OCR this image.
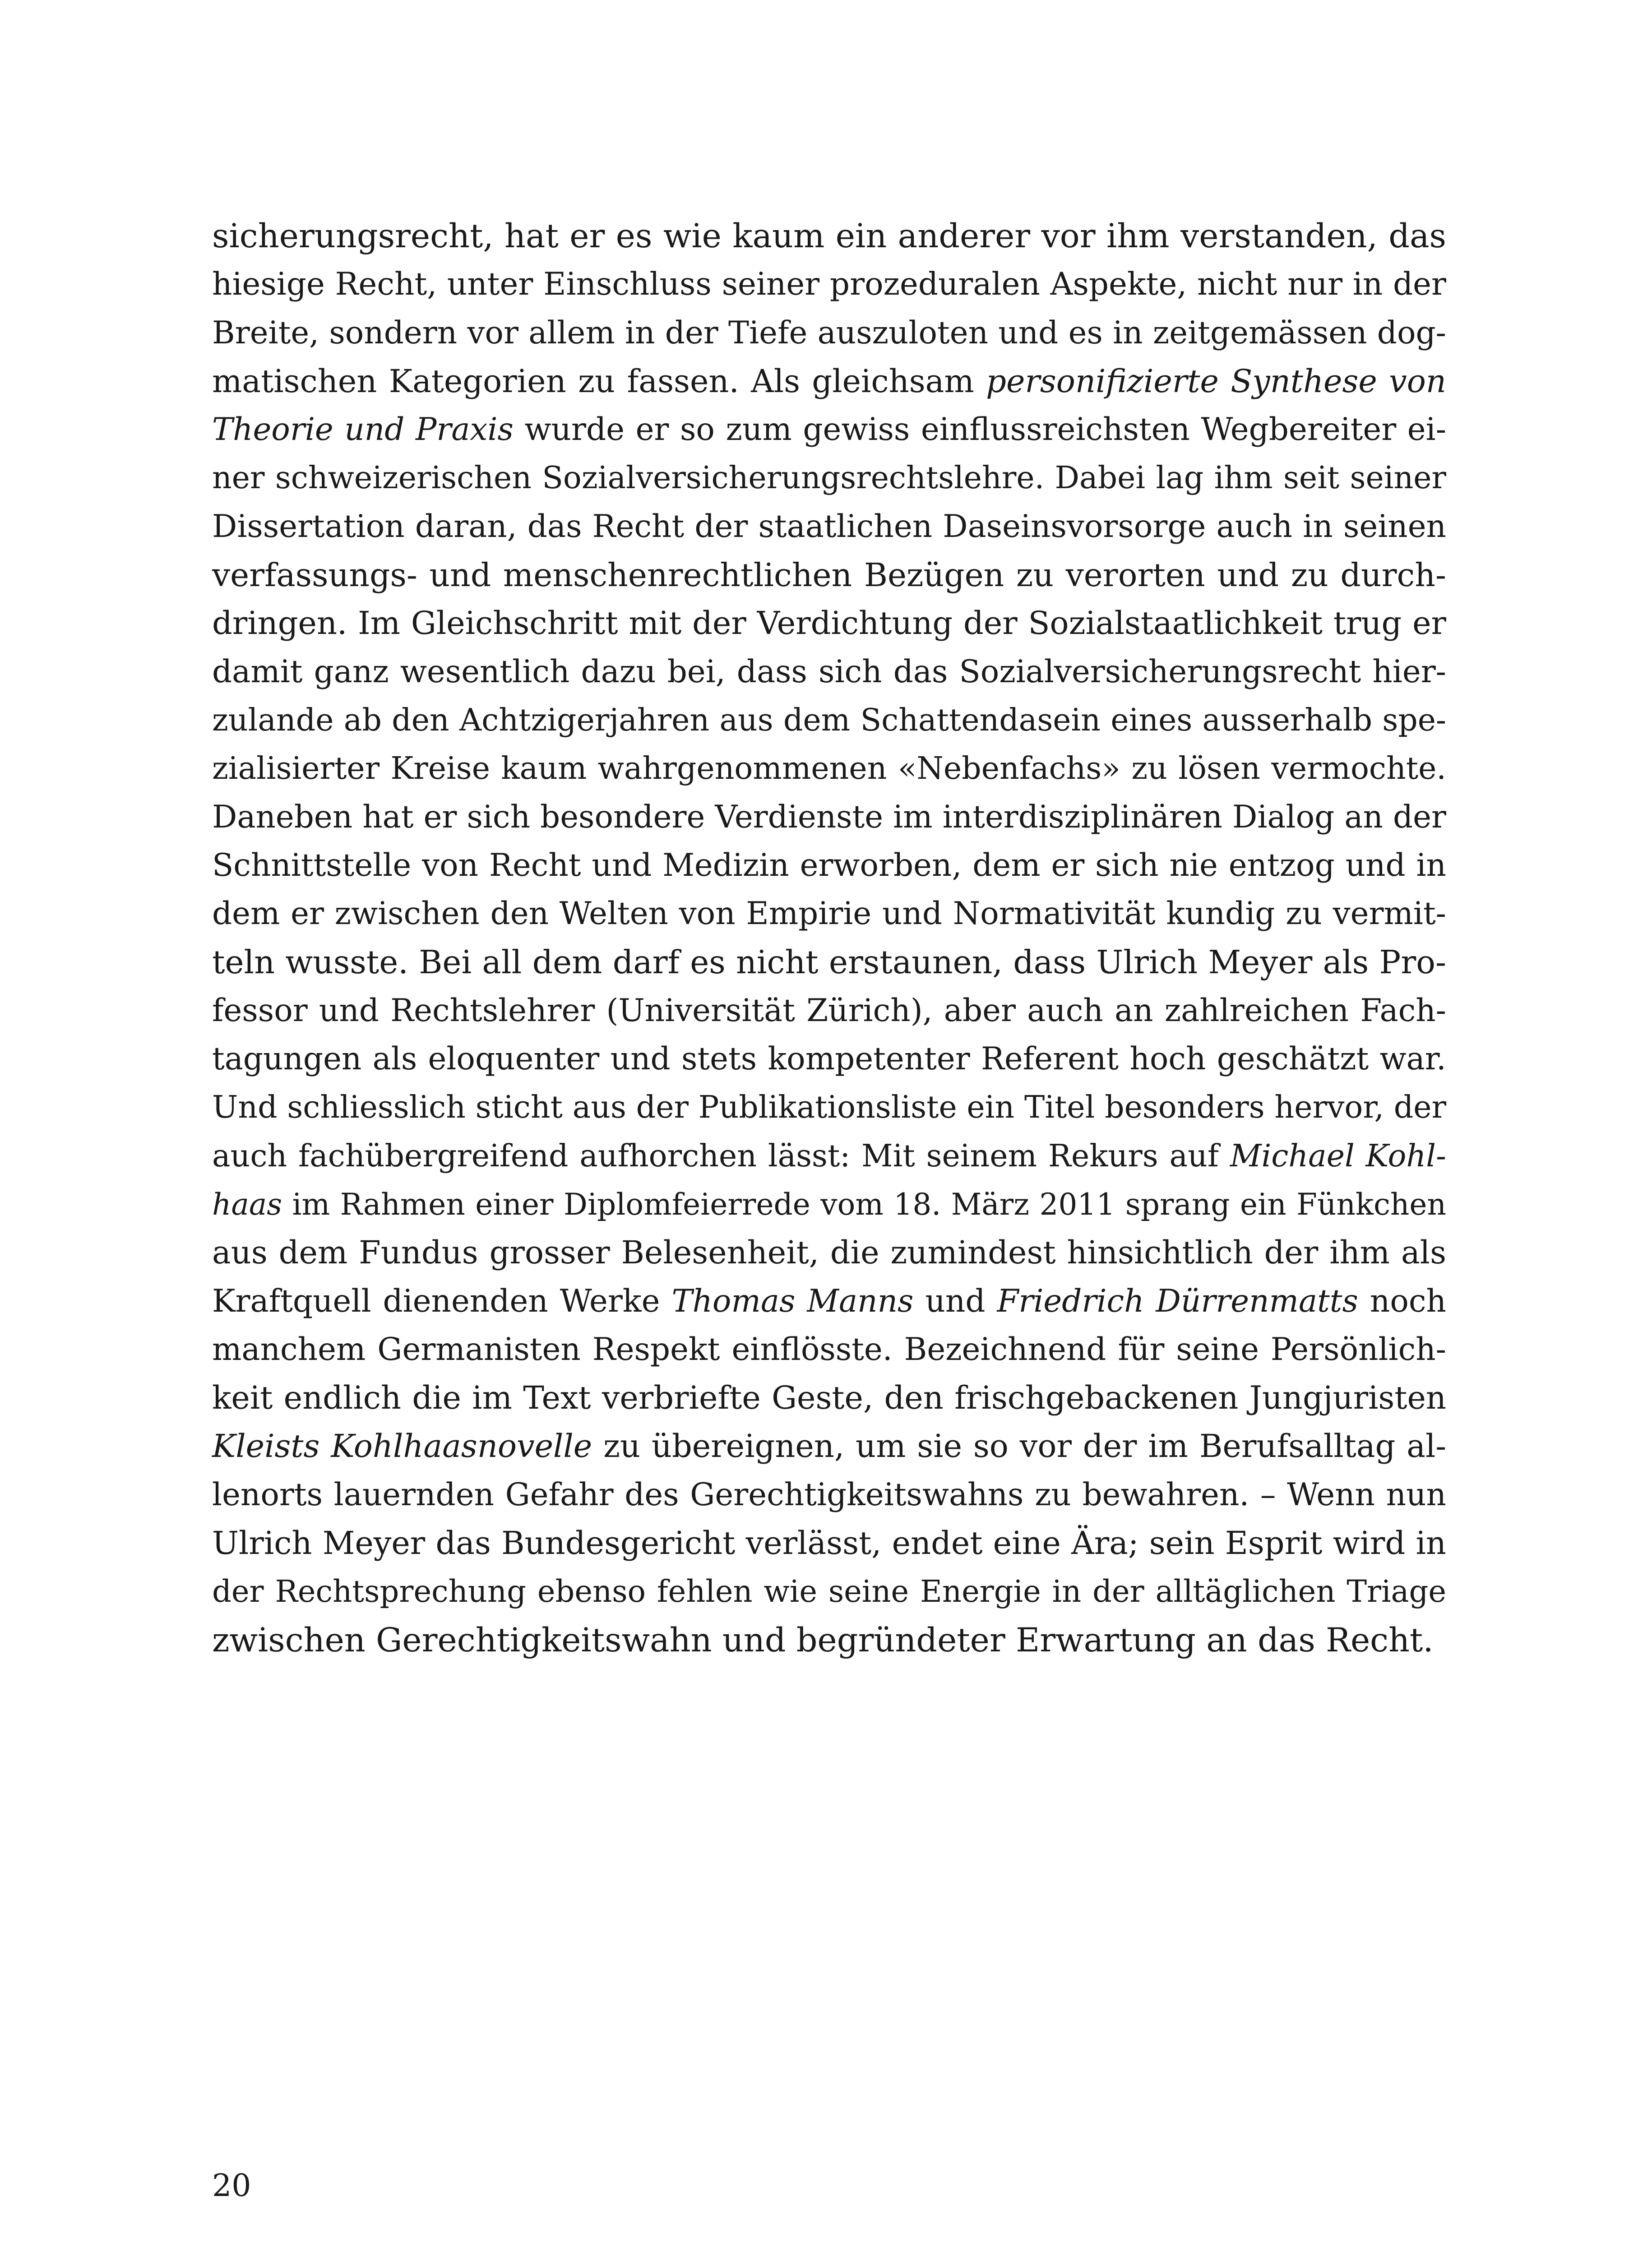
sicherungsrecht, hat er es wie kaum ein anderer vor ihm verstanden, das
hiesige Recht, unter Einschluss seiner prozeduralen Aspekte, nicht nur in der
Breite, sondern vor allem in der Tiefe auszuloten und es in zeitgemässen dog-
matischen Kategorien zu fassen. Als gleichsam personifizierte Synthese von
Theorie und Praxis wurde er so zum gewiss einflussreichsten Wegbereiter ei-
ner schweizerischen Sozialversicherungsrechtslehre. Dabei lag ihm seit seiner
Dissertation daran, das Recht der staatlichen Daseinsvorsorge auch in seinen
verfassungs- und menschenrechtlichen Bezügen zu verorten und zu durch-
dringen. Im Gleichschritt mit der Verdichtung der Sozialstaatlichkeit trug er
damit ganz wesentlich dazu bei, dass sich das Sozialversicherungsrecht hier-
zulande ab den Achtzigerjahren aus dem Schattendasein eines ausserhalb spe-
zialisierter Kreise kaum wahrgenommenen «Nebenfachs» zu lösen vermochte.
Daneben hat er sich besondere Verdienste im interdisziplinären Dialog an der
Schnittstelle von Recht und Medizin erworben, dem er sich nie entzog und in
dem er zwischen den Welten von Empirie und Normativität kundig zu vermit-
teln wusste. Bei all dem darf es nicht erstaunen, dass Ulrich Meyer als Pro-
fessor und Rechtslehrer (Universität Zürich), aber auch an zahlreichen Fach-
tagungen als eloquenter und stets kompetenter Referent hoch geschätzt war.
Und schliesslich sticht aus der Publikationsliste ein Titel besonders hervor, der
auch fachübergreifend aufhorchen lässt: Mit seinem Rekurs auf Michael Kohl-
haas im Rahmen einer Diplomfeierrede vom 18. März 2011 sprang ein Fünkchen
aus dem Fundus grosser Belesenheit, die zumindest hinsichtlich der ihm als
Kraftquell dienenden Werke Thomas Manns und Friedrich Dürrenmatts noch
manchem Germanisten Respekt einflösste. Bezeichnend für seine Persönlich-
keit endlich die im Text verbriefte Geste, den frischgebackenen Jungjuristen
Kleists Kohlhaasnovelle zu übereignen, um sie so vor der im Berufsalltag al-
lenorts lauernden Gefahr des Gerechtigkeitswahns zu bewahren. – Wenn nun
Ulrich Meyer das Bundesgericht verlässt, endet eine Ära; sein Esprit wird in
der Rechtsprechung ebenso fehlen wie seine Energie in der alltäglichen Triage
zwischen Gerechtigkeitswahn und begründeter Erwartung an das Recht.
20
